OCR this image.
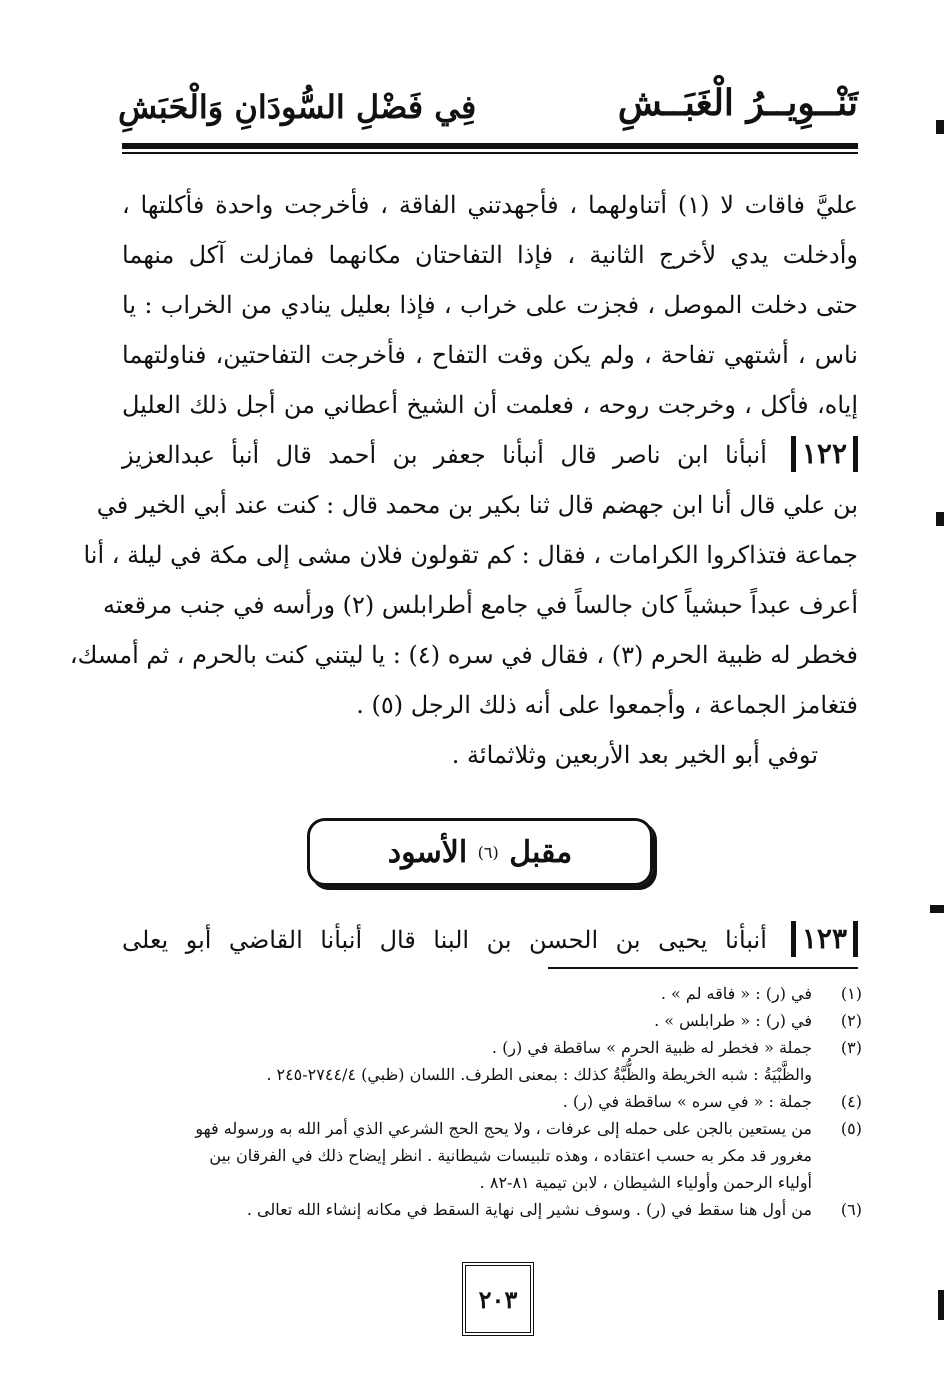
تَنْــوِيــرُ الْغَبَــشِ
فِي فَضْلِ السُّودَانِ وَالْحَبَشِ
عليَّ فاقات لا (١) أتناولهما ، فأجهدتني الفاقة ، فأخرجت واحدة فأكلتها ،
وأدخلت يدي لأخرج الثانية ، فإذا التفاحتان مكانهما فمازلت آكل منهما
حتى دخلت الموصل ، فجزت على خراب ، فإذا بعليل ينادي من الخراب : يا
ناس ، أشتهي تفاحة ، ولم يكن وقت التفاح ، فأخرجت التفاحتين، فناولتهما
إياه، فأكل ، وخرجت روحه ، فعلمت أن الشيخ أعطاني من أجل ذلك العليل
١٢٢أنبأنا ابن ناصر قال أنبأنا جعفر بن أحمد قال أنبأ عبدالعزيز
بن علي قال أنا ابن جهضم قال ثنا بكير بن محمد قال : كنت عند أبي الخير في
جماعة فتذاكروا الكرامات ، فقال : كم تقولون فلان مشى إلى مكة في ليلة ، أنا
أعرف عبداً حبشياً كان جالساً في جامع أطرابلس (٢) ورأسه في جنب مرقعته
فخطر له ظبية الحرم (٣) ، فقال في سره (٤) : يا ليتني كنت بالحرم ، ثم أمسك،
فتغامز الجماعة ، وأجمعوا على أنه ذلك الرجل (٥) .
توفي أبو الخير بعد الأربعين وثلاثمائة .
مقبل

(٦)

الأسود
١٢٣أنبأنا يحيى بن الحسن بن البنا قال أنبأنا القاضي أبو يعلى
(١)
في (ر) : « فاقه لم » .
(٢)
في (ر) : « طرابلس » .
(٣)
جملة « فخطر له ظبية الحرم » ساقطة في (ر) .
والظَّبْيَةُ : شبه الخريطة والظُّبَّةُ كذلك : بمعنى الطرف. اللسان (ظبي) ٢٧٤٤/٤-٢٤٥ .
(٤)
جملة : « في سره » ساقطة في (ر) .
(٥)
من يستعين بالجن على حمله إلى عرفات ، ولا يحج الحج الشرعي الذي أمر الله به ورسوله فهو
مغرور قد مكر به حسب اعتقاده ، وهذه تلبيسات شيطانية . انظر إيضاح ذلك في الفرقان بين
أولياء الرحمن وأولياء الشيطان ، لابن تيمية ٨١-٨٢ .
(٦)
من أول هنا سقط في (ر) . وسوف نشير إلى نهاية السقط في مكانه إنشاء الله تعالى .
٢٠٣
